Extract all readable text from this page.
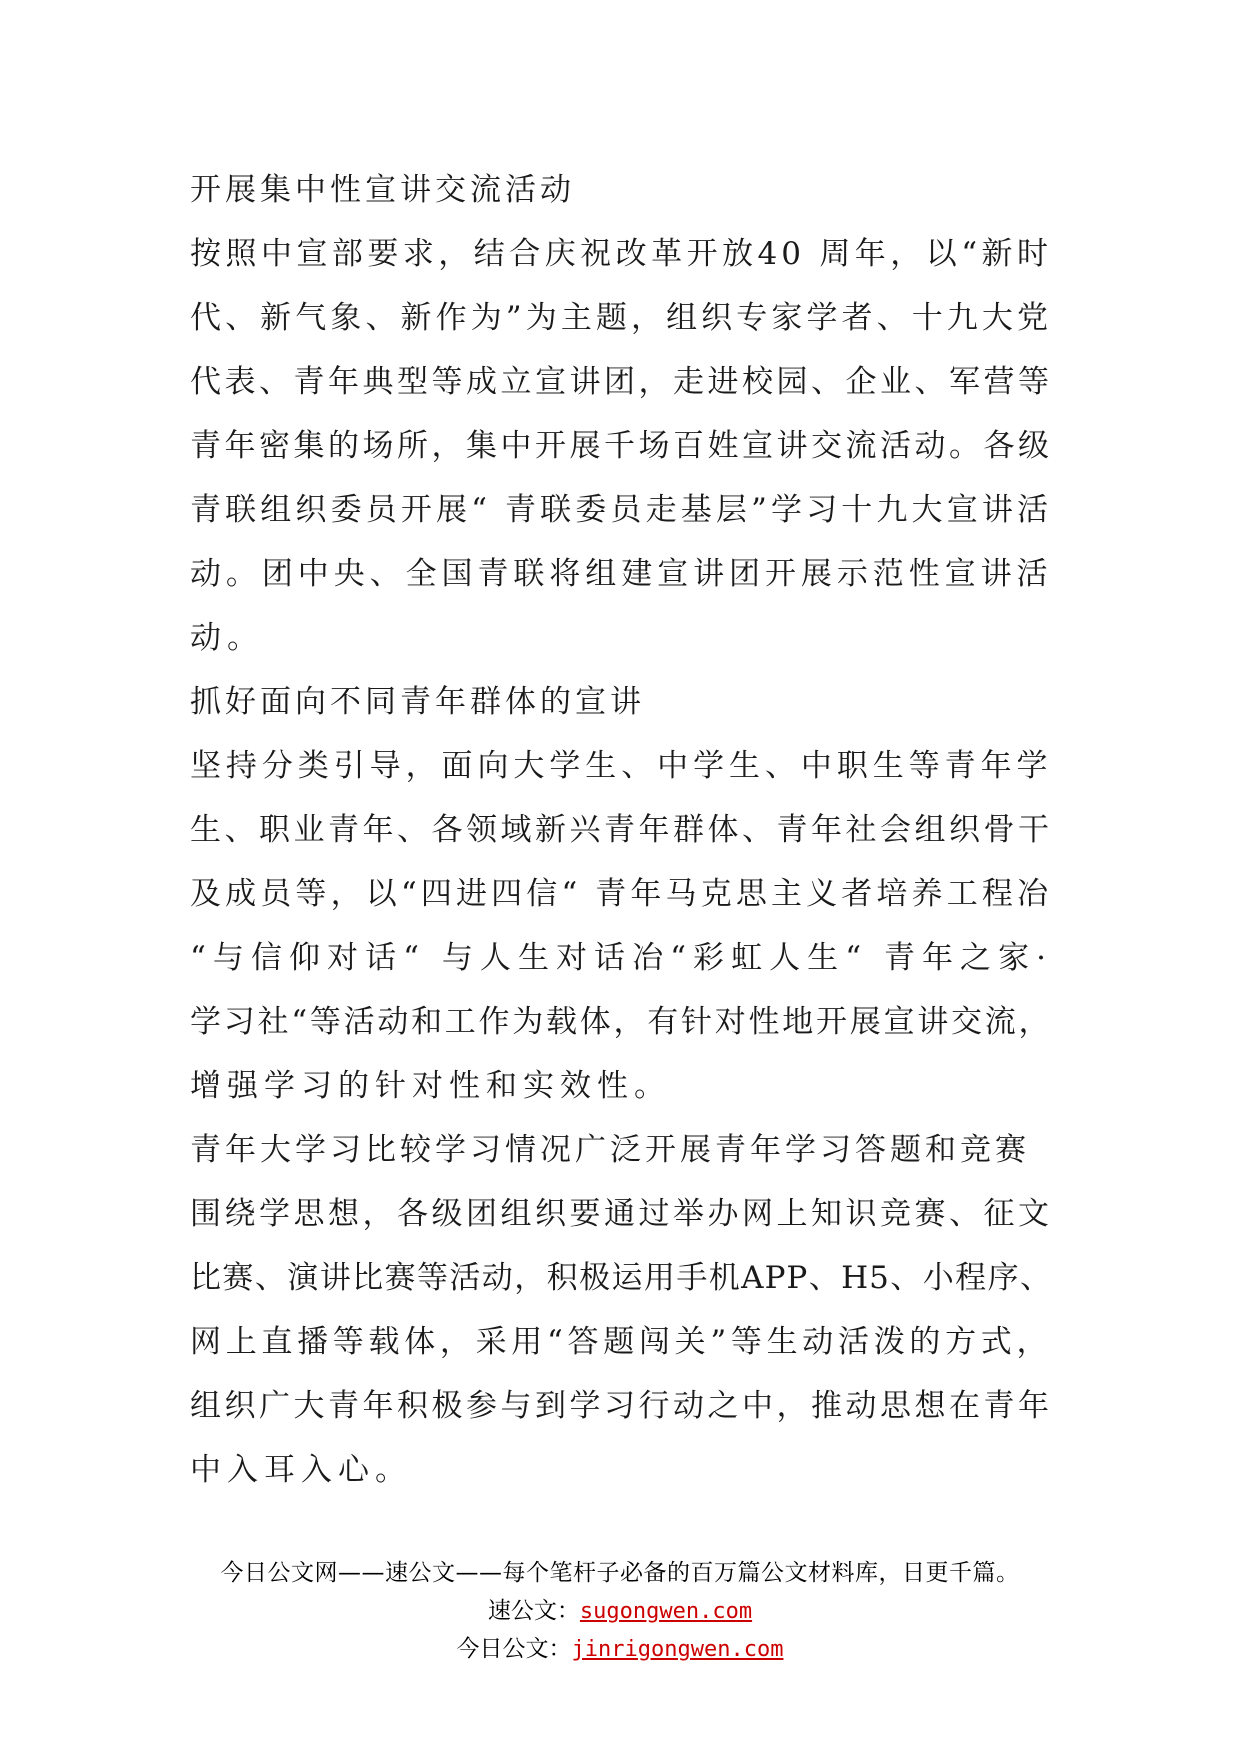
开展集中性宣讲交流活动
按照中宣部要求，结合庆祝改革开放40 周年，以“新时
代、新气象、新作为”为主题，组织专家学者、十九大党
代表、青年典型等成立宣讲团，走进校园、企业、军营等
青年密集的场所，集中开展千场百姓宣讲交流活动。各级
青联组织委员开展“ 青联委员走基层”学习十九大宣讲活
动。团中央、全国青联将组建宣讲团开展示范性宣讲活
动。
抓好面向不同青年群体的宣讲
坚持分类引导，面向大学生、中学生、中职生等青年学
生、职业青年、各领域新兴青年群体、青年社会组织骨干
及成员等，以“四进四信“ 青年马克思主义者培养工程冶
“与信仰对话“ 与人生对话冶“彩虹人生“ 青年之家·
学习社“等活动和工作为载体，有针对性地开展宣讲交流，
增强学习的针对性和实效性。
青年大学习比较学习情况广泛开展青年学习答题和竞赛
围绕学思想，各级团组织要通过举办网上知识竞赛、征文
比赛、演讲比赛等活动，积极运用手机APP、H5、小程序、
网上直播等载体，采用“答题闯关”等生动活泼的方式，
组织广大青年积极参与到学习行动之中，推动思想在青年
中入耳入心。
今日公文网——速公文——每个笔杆子必备的百万篇公文材料库，日更千篇。
速公文：sugongwen.com
今日公文：jinrigongwen.com
